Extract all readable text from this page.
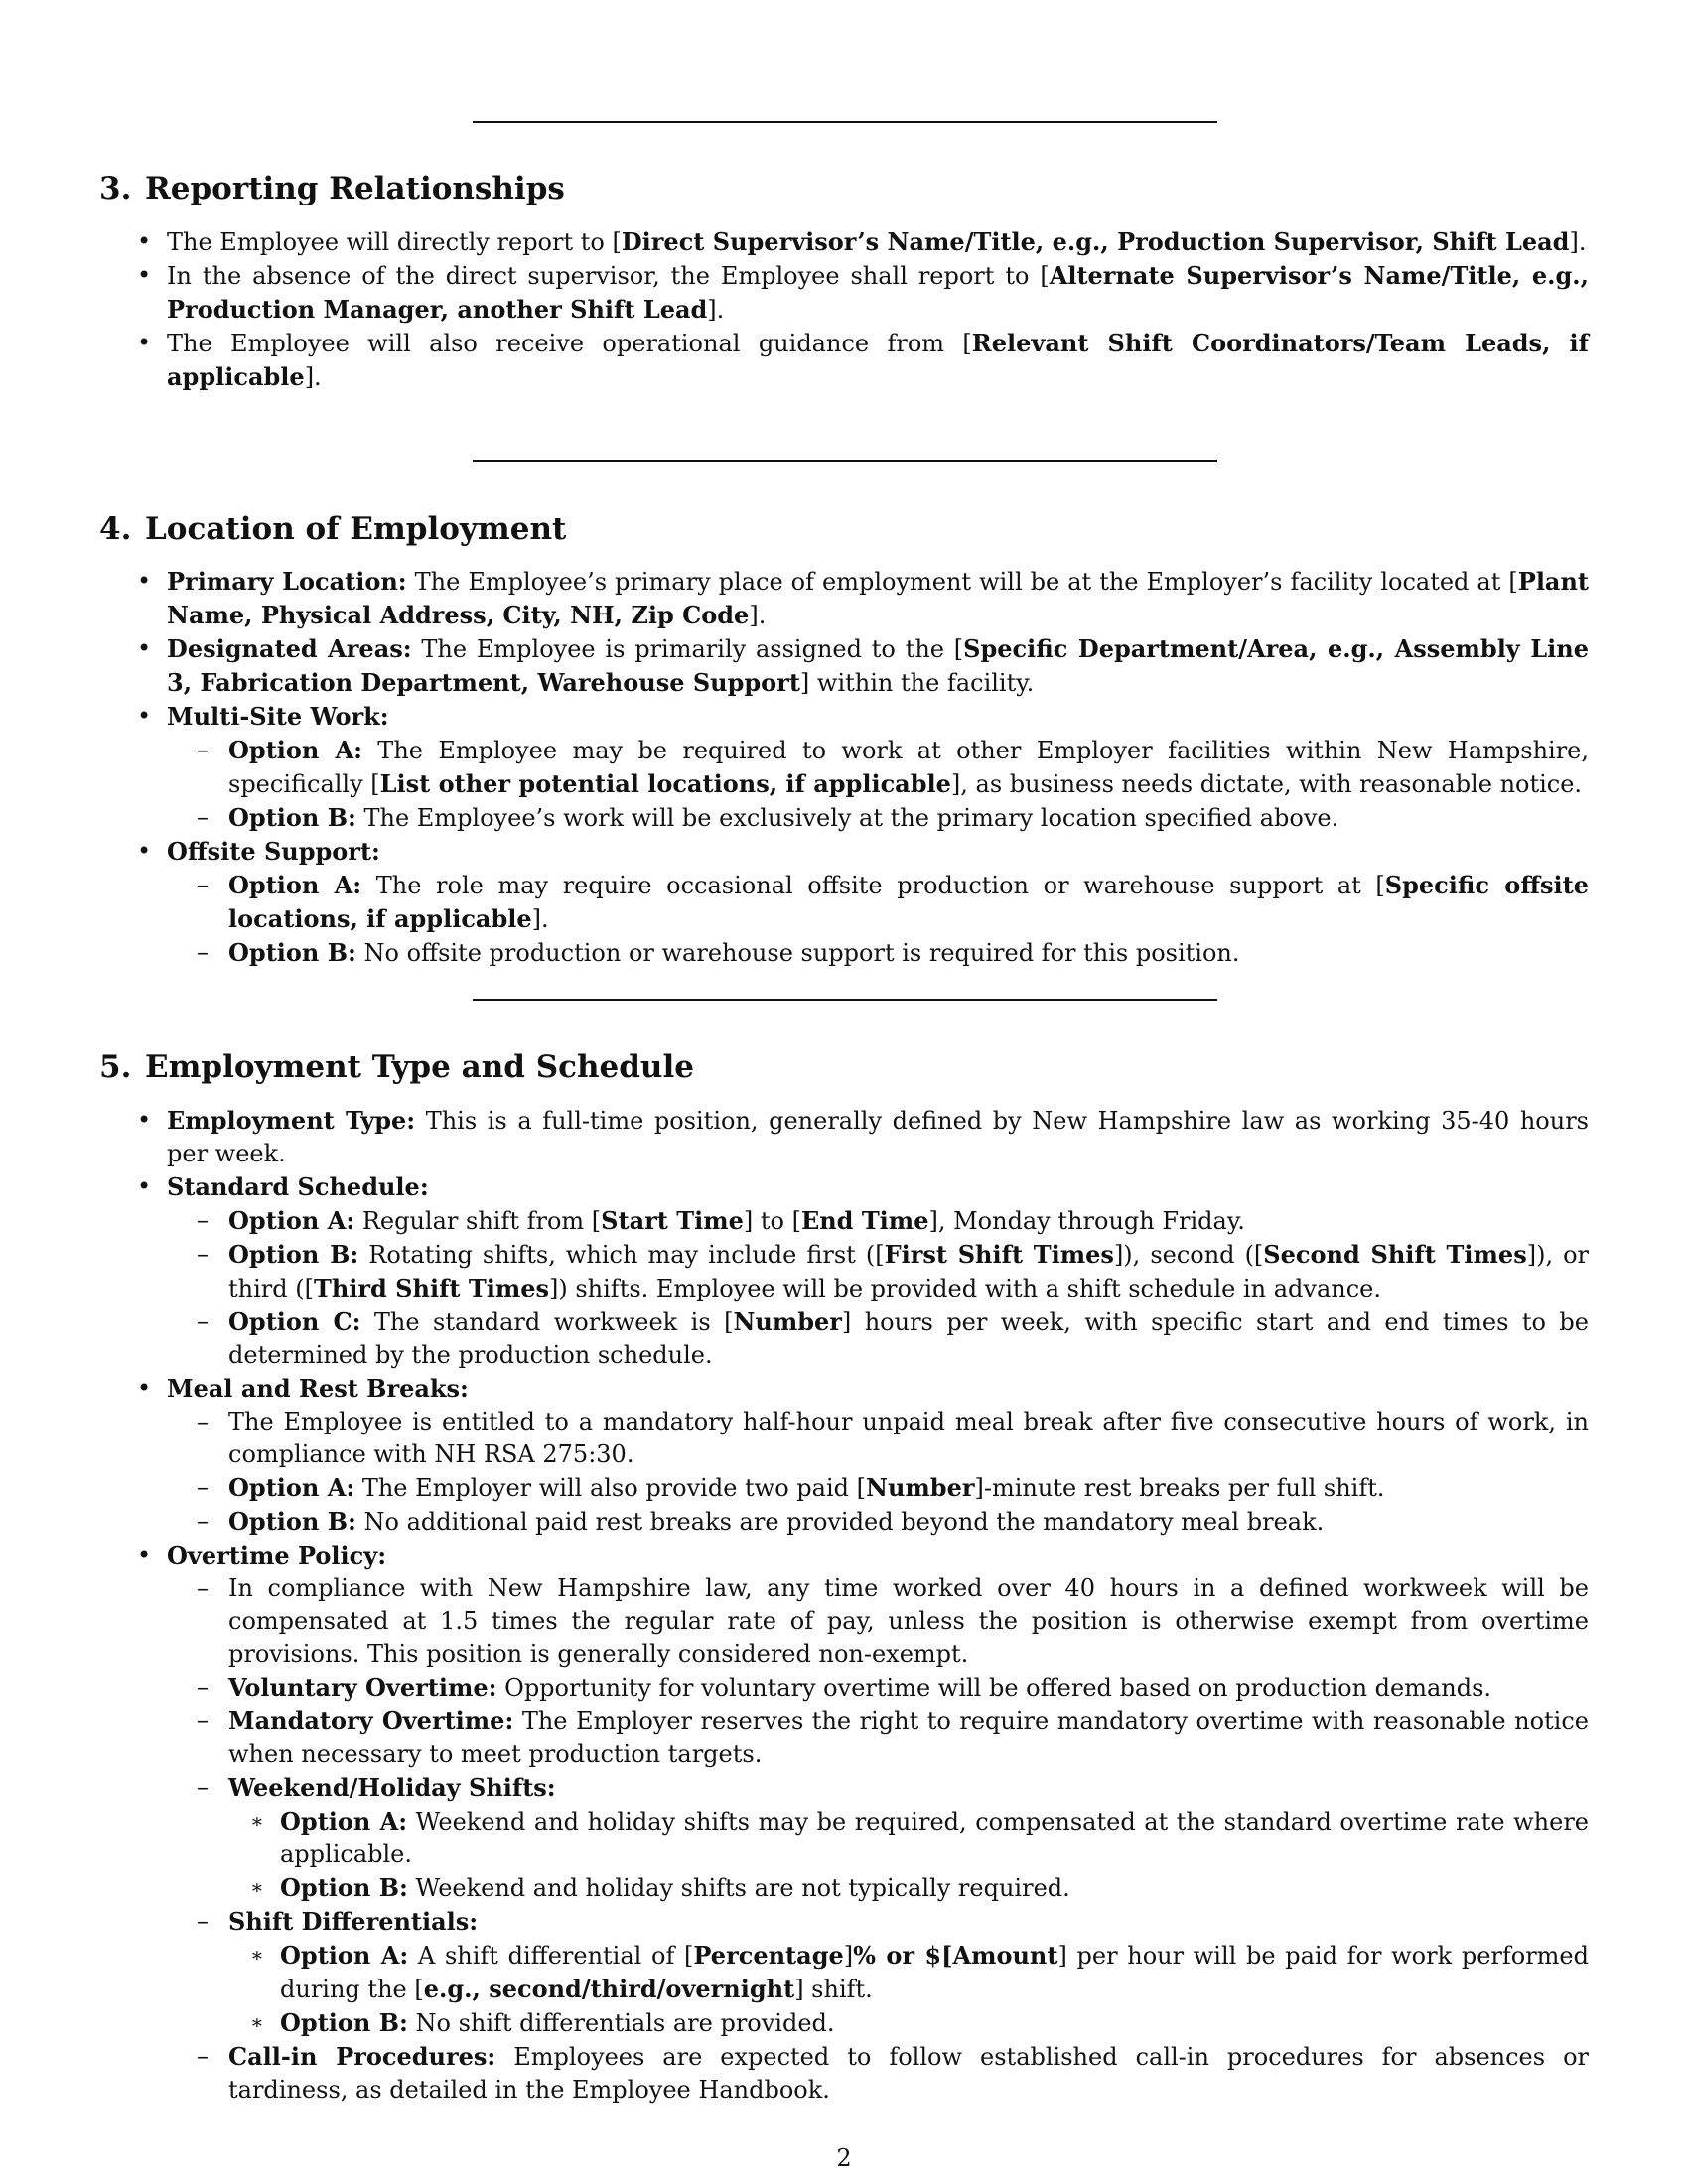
3. Reporting Relationships
• The Employee will directly report to [Direct Supervisor’s Name/Title, e.g., Production Supervisor, Shift Lead].
• In the absence of the direct supervisor, the Employee shall report to [Alternate Supervisor’s Name/Title, e.g., Production Manager, another Shift Lead].
• The Employee will also receive operational guidance from [Relevant Shift Coordinators/Team Leads, if applicable].
4. Location of Employment
• Primary Location: The Employee’s primary place of employment will be at the Employer’s facility located at [Plant Name, Physical Address, City, NH, Zip Code].
• Designated Areas: The Employee is primarily assigned to the [Specific Department/Area, e.g., Assembly Line 3, Fabrication Department, Warehouse Support] within the facility.
• Multi-Site Work:
– Option A: The Employee may be required to work at other Employer facilities within New Hampshire, specifically [List other potential locations, if applicable], as business needs dictate, with reasonable notice.
– Option B: The Employee’s work will be exclusively at the primary location specified above.
• Offsite Support:
– Option A: The role may require occasional offsite production or warehouse support at [Specific offsite locations, if applicable].
– Option B: No offsite production or warehouse support is required for this position.
5. Employment Type and Schedule
• Employment Type: This is a full-time position, generally defined by New Hampshire law as working 35-40 hours per week.
• Standard Schedule:
– Option A: Regular shift from [Start Time] to [End Time], Monday through Friday.
– Option B: Rotating shifts, which may include first ([First Shift Times]), second ([Second Shift Times]), or third ([Third Shift Times]) shifts. Employee will be provided with a shift schedule in advance.
– Option C: The standard workweek is [Number] hours per week, with specific start and end times to be determined by the production schedule.
• Meal and Rest Breaks:
– The Employee is entitled to a mandatory half-hour unpaid meal break after five consecutive hours of work, in compliance with NH RSA 275:30.
– Option A: The Employer will also provide two paid [Number]-minute rest breaks per full shift.
– Option B: No additional paid rest breaks are provided beyond the mandatory meal break.
• Overtime Policy:
– In compliance with New Hampshire law, any time worked over 40 hours in a defined workweek will be compensated at 1.5 times the regular rate of pay, unless the position is otherwise exempt from overtime provisions. This position is generally considered non-exempt.
– Voluntary Overtime: Opportunity for voluntary overtime will be offered based on production demands.
– Mandatory Overtime: The Employer reserves the right to require mandatory overtime with reasonable notice when necessary to meet production targets.
– Weekend/Holiday Shifts:
∗ Option A: Weekend and holiday shifts may be required, compensated at the standard overtime rate where applicable.
∗ Option B: Weekend and holiday shifts are not typically required.
– Shift Differentials:
∗ Option A: A shift differential of [Percentage]% or $[Amount] per hour will be paid for work performed during the [e.g., second/third/overnight] shift.
∗ Option B: No shift differentials are provided.
– Call-in Procedures: Employees are expected to follow established call-in procedures for absences or tardiness, as detailed in the Employee Handbook.
2
